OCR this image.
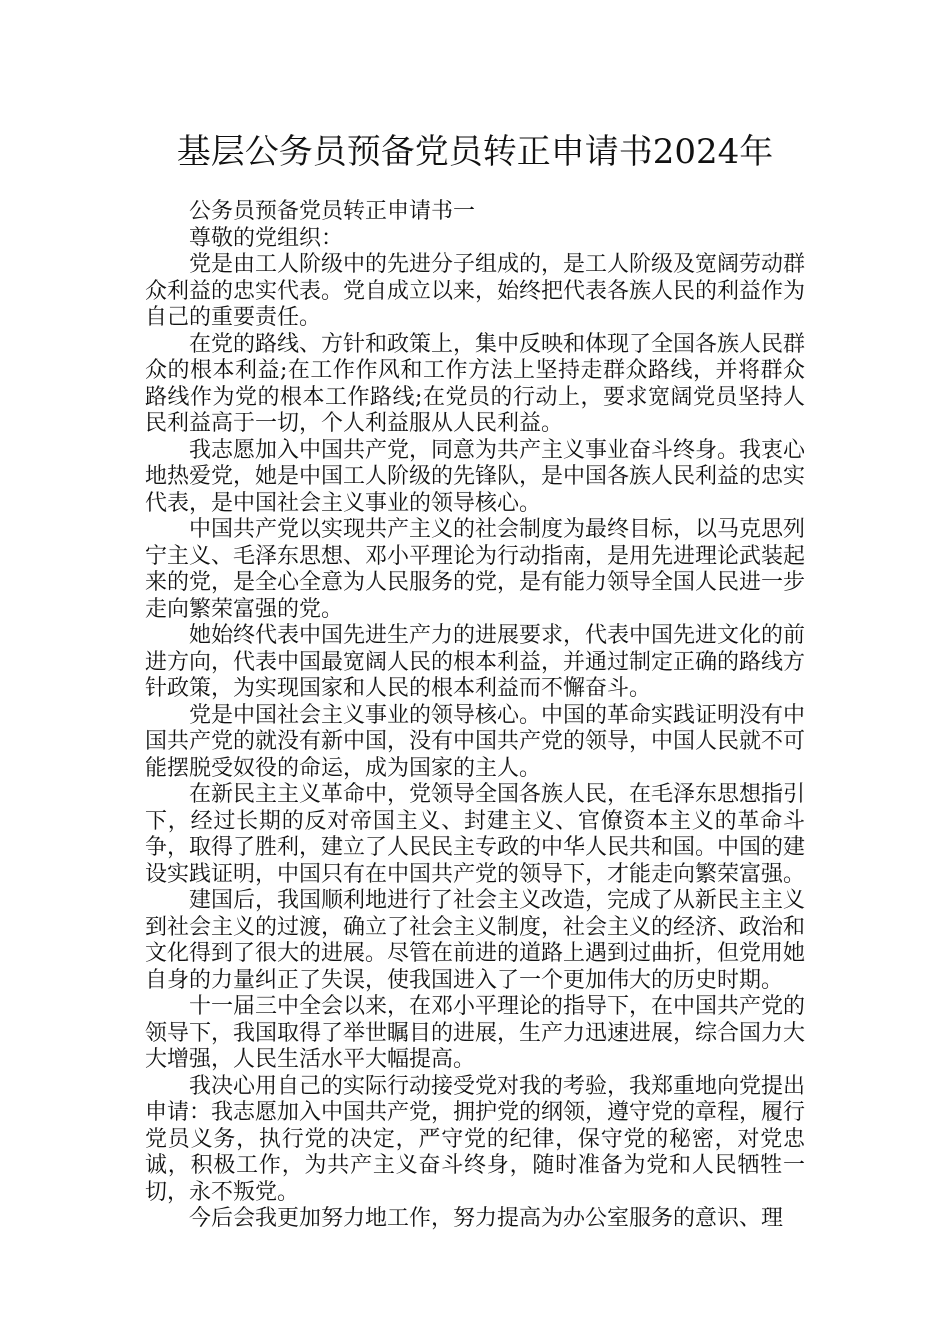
基层公务员预备党员转正申请书2024年

公务员预备党员转正申请书一

尊敬的党组织：

党是由工人阶级中的先进分子组成的，是工人阶级及宽阔劳动群众利益的忠实代表。党自成立以来，始终把代表各族人民的利益作为自己的重要责任。

在党的路线、方针和政策上，集中反映和体现了全国各族人民群众的根本利益;在工作作风和工作方法上坚持走群众路线，并将群众路线作为党的根本工作路线;在党员的行动上，要求宽阔党员坚持人民利益高于一切，个人利益服从人民利益。

我志愿加入中国共产党，同意为共产主义事业奋斗终身。我衷心地热爱党，她是中国工人阶级的先锋队，是中国各族人民利益的忠实代表，是中国社会主义事业的领导核心。

中国共产党以实现共产主义的社会制度为最终目标，以马克思列宁主义、毛泽东思想、邓小平理论为行动指南，是用先进理论武装起来的党，是全心全意为人民服务的党，是有能力领导全国人民进一步走向繁荣富强的党。

她始终代表中国先进生产力的进展要求，代表中国先进文化的前进方向，代表中国最宽阔人民的根本利益，并通过制定正确的路线方针政策，为实现国家和人民的根本利益而不懈奋斗。

党是中国社会主义事业的领导核心。中国的革命实践证明没有中国共产党的就没有新中国，没有中国共产党的领导，中国人民就不可能摆脱受奴役的命运，成为国家的主人。

在新民主主义革命中，党领导全国各族人民，在毛泽东思想指引下，经过长期的反对帝国主义、封建主义、官僚资本主义的革命斗争，取得了胜利，建立了人民民主专政的中华人民共和国。中国的建设实践证明，中国只有在中国共产党的领导下，才能走向繁荣富强。

建国后，我国顺利地进行了社会主义改造，完成了从新民主主义到社会主义的过渡，确立了社会主义制度，社会主义的经济、政治和文化得到了很大的进展。尽管在前进的道路上遇到过曲折，但党用她自身的力量纠正了失误，使我国进入了一个更加伟大的历史时期。

十一届三中全会以来，在邓小平理论的指导下，在中国共产党的领导下，我国取得了举世瞩目的进展，生产力迅速进展，综合国力大大增强，人民生活水平大幅提高。

我决心用自己的实际行动接受党对我的考验，我郑重地向党提出申请：我志愿加入中国共产党，拥护党的纲领，遵守党的章程，履行党员义务，执行党的决定，严守党的纪律，保守党的秘密，对党忠诚，积极工作，为共产主义奋斗终身，随时准备为党和人民牺牲一切，永不叛党。

今后会我更加努力地工作，努力提高为办公室服务的意识、理
